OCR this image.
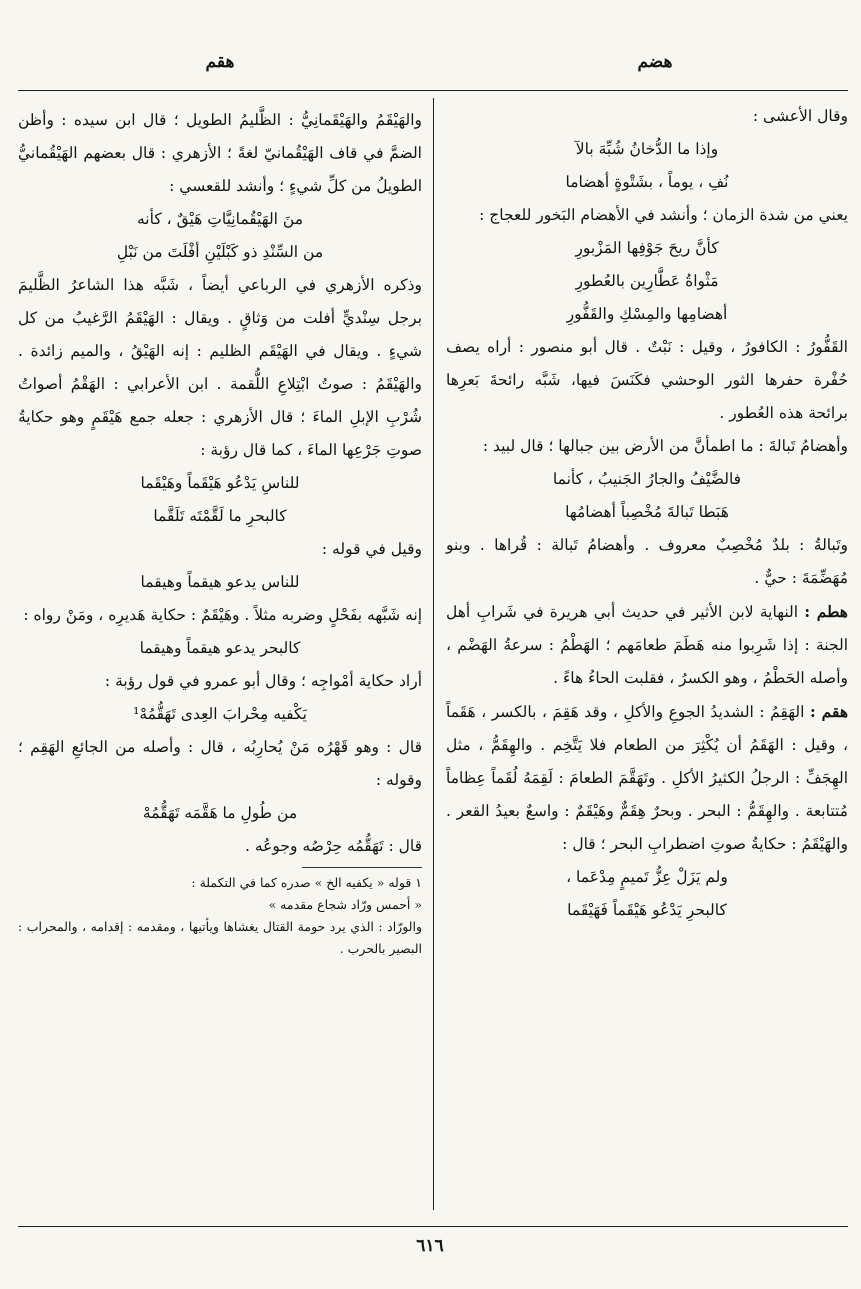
هضم
هقم

وقال الأعشى :

وإذا ما الدُّخانُ شُبِّهَ بالآ

نُفِ ، يوماً ، بشَتْوةٍ أهضاما

يعني من شدة الزمان ؛ وأنشد في الأهضام البَخور للعجاج :

كأنَّ ريحَ جَوْفِها المَزْبورِ

مَثْواةُ عَطَّارِين بالعُطورِ

أهضامِها والمِسْكِ والقَفُّورِ

القَفُّورُ : الكافورُ ، وقيل : نَبْتٌ . قال أبو منصور : أراه يصف حُفْرة حفرها الثور الوحشي فكَنَسَ فيها، شَبَّه رائحةَ بَعرِها برائحة هذه العُطور .

وأهضامُ تَبالةَ : ما اطمأنَّ من الأرض بين جبالها ؛ قال لبيد :

فالضَّيْفُ والجارُ الجَنيبُ ، كأنما

هَبَطا تَبالةَ مُخْصِباً أهضامُها

وتَبالةُ : بلدٌ مُخْصِبٌ معروف . وأهضامُ تَبالة : قُراها . وبنو مُهَضِّمَةَ : حيٌّ .

هطم : النهاية لابن الأثير في حديث أبي هريرة في شَرابِ أهل الجنة : إذا شَرِبوا منه هَطَمَ طعامَهم ؛ الهَطْمُ : سرعةُ الهَضْم ، وأصله الحَطْمُ ، وهو الكسرُ ، فقلبت الحاءُ هاءً .

هقم : الهَقِمُ : الشديدُ الجوعِ والأكلِ ، وقد هَقِمَ ، بالكسر ، هَقَماً ، وقيل : الهَقَمُ أن يُكْثِرَ من الطعام فلا يَتَّخِم . والهِقَمُّ ، مثل الهِجَفِّ : الرجلُ الكثيرُ الأكلِ . وتَهَقَّمَ الطعامَ : لَقِمَهُ لُقَماً عِظاماً مُتتابعة . والهِقَمُّ : البحر . وبحرٌ هِقَمٌّ وهَيْقَمٌ : واسعٌ بعيدُ القعر . والهَيْقَمُ : حكايةُ صوتِ اضطرابِ البحر ؛ قال :

ولم يَزَلْ عِزُّ تَميمٍ مِدْعَما ،

كالبحرِ يَدْعُو هَيْقَماً فَهَيْقَما

والهَيْقَمُ والهَيْقَمانِيُّ : الظَّليمُ الطويل ؛ قال ابن سيده : وأظن الضمَّ في قاف الهَيْقُمانيّ لغةً ؛ الأزهري : قال بعضهم الهَيْقُمانيُّ الطويلُ من كلِّ شيءٍ ؛ وأنشد للقعسي :

منَ الهَيْقُمانِيَّاتِ هَيْقٌ ، كأنه

من السِّنْدِ ذو كَبْلَيْنِ أفْلَتَ من نَبْلِ

وذكره الأزهري في الرباعي أيضاً ، شَبَّه هذا الشاعرُ الظَّليمَ برجل سِنْديٍّ أفلت من وَثاقٍ . ويقال : الهَيْقَمُ الرَّغيبُ من كل شيءٍ . ويقال في الهَيْقَم الظليم : إنه الهَيْقُ ، والميم زائدة . والهَيْقَمُ : صوتُ ابْتِلاعِ اللُّقمة . ابن الأعرابي : الهَقْمُ أصواتُ شُرْبِ الإبلِ الماءَ ؛ قال الأزهري : جعله جمع هَيْقَمٍ وهو حكايةُ صوتِ جَرْعِها الماءَ ، كما قال رؤبة :

للناسِ يَدْعُو هَيْقَماً وهَيْقَما

كالبحرِ ما لَقَّمْتَه تَلَقَّما

وقيل في قوله :

للناس يدعو هيقماً وهيقما

إنه شَبَّهه بفَحْلٍ وضربه مثلاً . وهَيْقَمٌ : حكاية هَديرِه ، ومَنْ رواه :

كالبحر يدعو هيقماً وهيقما

أراد حكاية أمْواجِه ؛ وقال أبو عمرو في قول رؤبة :

يَكْفيه مِحْرابَ العِدى تَهَقُّمُهْ¹

قال : وهو قَهْرُه مَنْ يُحارِبُه ، قال : وأصله من الجائعِ الهَقِم ؛ وقوله :

من طُولِ ما هَقَّمَه تَهَقُّمُهْ

قال : تَهَقُّمُه حِرْصُه وجوعُه .

١ قوله « يكفيه الخ » صدره كما في التكملة :

« أحمس ورّاد شجاع مقدمه »

والورّاد : الذي يرد حومة القتال يغشاها ويأتيها ، ومقدمه : إقدامه ، والمحراب : البصير بالحرب .

٦١٦
